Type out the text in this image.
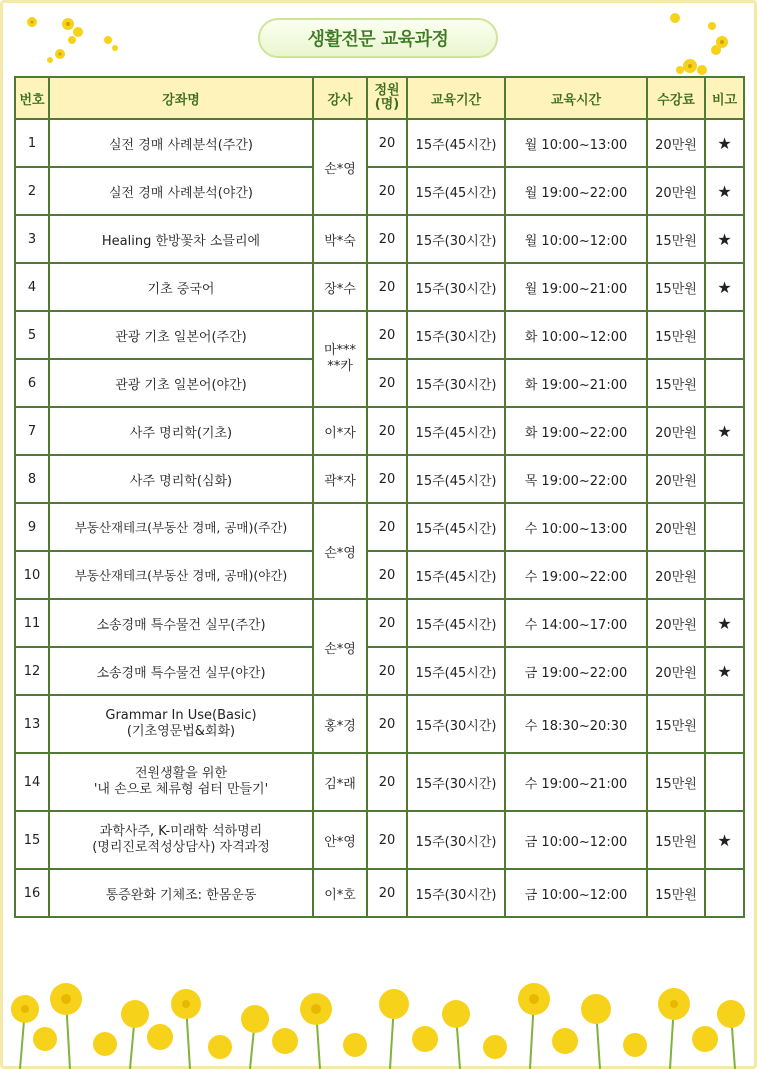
생활전문 교육과정
번호	강좌명	강사	정원(명)	교육기간	교육시간	수강료	비고
1	실전 경매 사례분석(주간)	손*영	20	15주(45시간)	월 10:00~13:00	20만원	★
2	실전 경매 사례분석(야간)		20	15주(45시간)	월 19:00~22:00	20만원	★
3	Healing 한방꽃차 소믈리에	박*숙	20	15주(30시간)	월 10:00~12:00	15만원	★
4	기초 중국어	장*수	20	15주(30시간)	월 19:00~21:00	15만원	★
5	관광 기초 일본어(주간)	마***
**카	20	15주(30시간)	화 10:00~12:00	15만원	
6	관광 기초 일본어(야간)		20	15주(30시간)	화 19:00~21:00	15만원	
7	사주 명리학(기초)	이*자	20	15주(45시간)	화 19:00~22:00	20만원	★
8	사주 명리학(심화)	곽*자	20	15주(45시간)	목 19:00~22:00	20만원	
9	부동산재테크(부동산 경매, 공매)(주간)	손*영	20	15주(45시간)	수 10:00~13:00	20만원	
10	부동산재테크(부동산 경매, 공매)(야간)		20	15주(45시간)	수 19:00~22:00	20만원	
11	소송경매 특수물건 실무(주간)	손*영	20	15주(45시간)	수 14:00~17:00	20만원	★
12	소송경매 특수물건 실무(야간)		20	15주(45시간)	금 19:00~22:00	20만원	★
13	Grammar In Use(Basic)
(기초영문법&회화)	홍*경	20	15주(30시간)	수 18:30~20:30	15만원	
14	전원생활을 위한
'내 손으로 체류형 쉼터 만들기'	김*래	20	15주(30시간)	수 19:00~21:00	15만원	
15	과학사주, K-미래학 석하명리
(명리진로적성상담사) 자격과정	안*영	20	15주(30시간)	금 10:00~12:00	15만원	★
16	통증완화 기체조: 한몸운동	이*호	20	15주(30시간)	금 10:00~12:00	15만원	
